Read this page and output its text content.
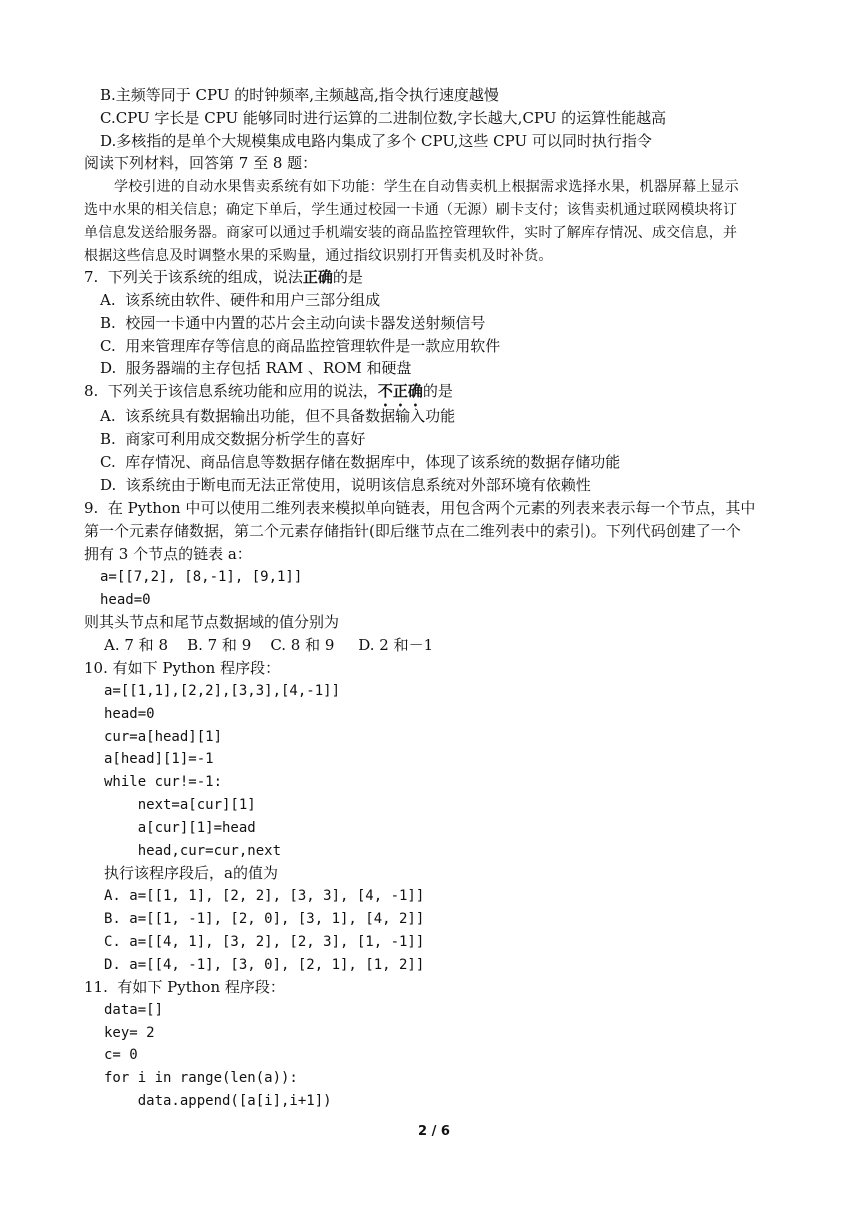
B.主频等同于 CPU 的时钟频率,主频越高,指令执行速度越慢
C.CPU 字长是 CPU 能够同时进行运算的二进制位数,字长越大,CPU 的运算性能越高
D.多核指的是单个大规模集成电路内集成了多个 CPU,这些 CPU 可以同时执行指令
阅读下列材料，回答第 7 至 8 题：
学校引进的自动水果售卖系统有如下功能：学生在自动售卖机上根据需求选择水果，机器屏幕上显示
选中水果的相关信息；确定下单后，学生通过校园一卡通（无源）刷卡支付；该售卖机通过联网模块将订
单信息发送给服务器。商家可以通过手机端安装的商品监控管理软件，实时了解库存情况、成交信息，并
根据这些信息及时调整水果的采购量，通过指纹识别打开售卖机及时补货。
7.  下列关于该系统的组成，说法正确的是
A.  该系统由软件、硬件和用户三部分组成
B.  校园一卡通中内置的芯片会主动向读卡器发送射频信号
C.  用来管理库存等信息的商品监控管理软件是一款应用软件
D.  服务器端的主存包括 RAM 、ROM 和硬盘
8.  下列关于该信息系统功能和应用的说法，不正确的是
A.  该系统具有数据输出功能，但不具备数据输入功能
B.  商家可利用成交数据分析学生的喜好
C.  库存情况、商品信息等数据存储在数据库中，体现了该系统的数据存储功能
D.  该系统由于断电而无法正常使用，说明该信息系统对外部环境有依赖性
9.  在 Python 中可以使用二维列表来模拟单向链表，用包含两个元素的列表来表示每一个节点，其中
第一个元素存储数据，第二个元素存储指针(即后继节点在二维列表中的索引)。下列代码创建了一个
拥有 3 个节点的链表 a：
a=[[7,2], [8,-1], [9,1]]
head=0
则其头节点和尾节点数据域的值分别为
A. 7 和 8    B. 7 和 9    C. 8 和 9     D. 2 和－1
10. 有如下 Python 程序段：
a=[[1,1],[2,2],[3,3],[4,-1]]
head=0
cur=a[head][1]
a[head][1]=-1
while cur!=-1:
next=a[cur][1]
a[cur][1]=head
head,cur=cur,next
执行该程序段后，a的值为
A. a=[[1, 1], [2, 2], [3, 3], [4, -1]]
B. a=[[1, -1], [2, 0], [3, 1], [4, 2]]
C. a=[[4, 1], [3, 2], [2, 3], [1, -1]]
D. a=[[4, -1], [3, 0], [2, 1], [1, 2]]
11.  有如下 Python 程序段：
data=[]
key= 2
c= 0
for i in range(len(a)):
data.append([a[i],i+1])
2 / 6
